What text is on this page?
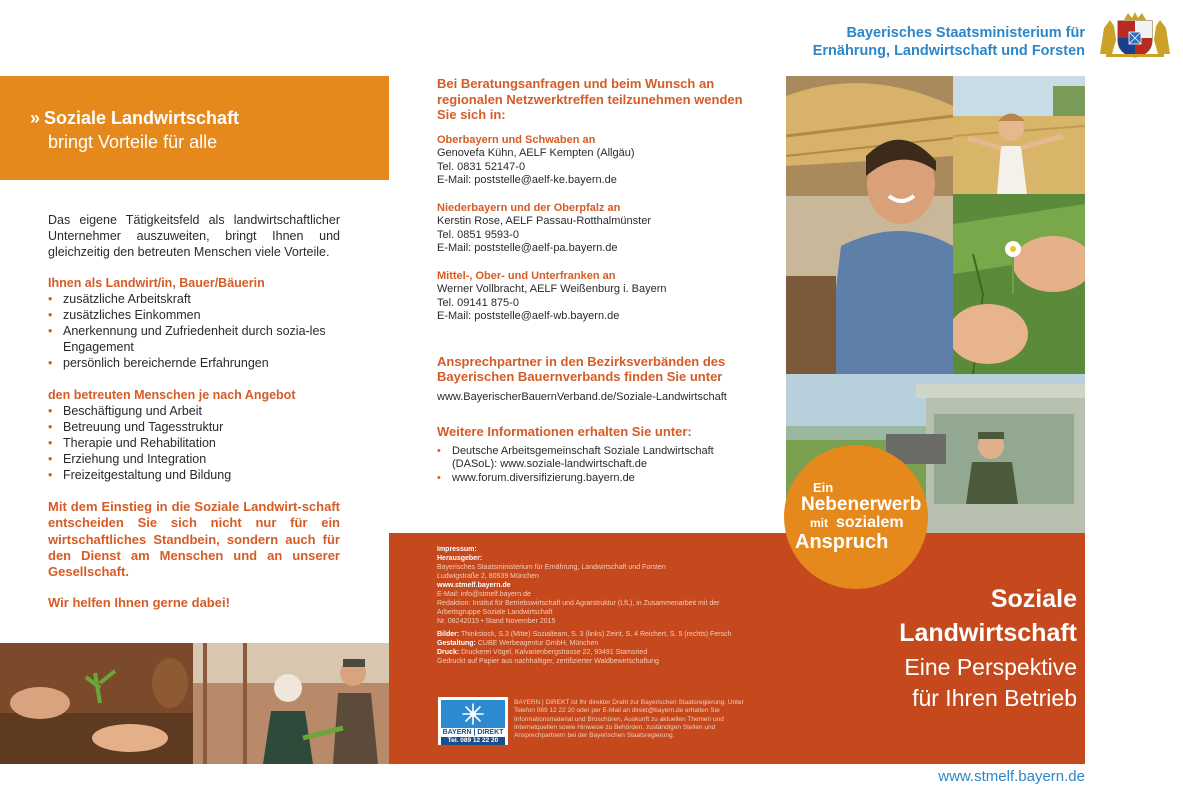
Bayerisches Staatsministerium für
Ernährung, Landwirtschaft und Forsten
» Soziale Landwirtschaft
bringt Vorteile für alle

Das eigene Tätigkeitsfeld als landwirtschaftlicher Unternehmer auszuweiten, bringt Ihnen und gleichzeitig den betreuten Menschen viele Vorteile.

Ihnen als Landwirt/in, Bauer/Bäuerin
• zusätzliche Arbeitskraft
• zusätzliches Einkommen
• Anerkennung und Zufriedenheit durch sozia-les Engagement
• persönlich bereichernde Erfahrungen
den betreuten Menschen je nach Angebot
• Beschäftigung und Arbeit
• Betreuung und Tagesstruktur
• Therapie und Rehabilitation
• Erziehung und Integration
• Freizeitgestaltung und Bildung

Mit dem Einstieg in die Soziale Landwirt-schaft entscheiden Sie sich nicht nur für ein wirtschaftliches Standbein, sondern auch für den Dienst am Menschen und an unserer Gesellschaft.

Wir helfen Ihnen gerne dabei!

Bei Beratungsanfragen und beim Wunsch an regionalen Netzwerktreffen teilzunehmen wenden Sie sich in:
Oberbayern und Schwaben an

Genovefa Kühn, AELF Kempten (Allgäu)

Tel. 0831 52147-0

E-Mail: poststelle@aelf-ke.bayern.de

Niederbayern und der Oberpfalz an

Kerstin Rose, AELF Passau-Rotthalmünster

Tel. 0851 9593-0

E-Mail: poststelle@aelf-pa.bayern.de

Mittel-, Ober- und Unterfranken an

Werner Vollbracht, AELF Weißenburg i. Bayern

Tel. 09141 875-0

E-Mail: poststelle@aelf-wb.bayern.de

Ansprechpartner in den Bezirksverbänden des Bayerischen Bauernverbands finden Sie unter

www.BayerischerBauernVerband.de/Soziale-Landwirtschaft

Weitere Informationen erhalten Sie unter:
• Deutsche Arbeitsgemeinschaft Soziale Landwirtschaft (DASoL): www.soziale-landwirtschaft.de
• www.forum.diversifizierung.bayern.de

Impressum:

Herausgeber:

Bayerisches Staatsministerium für Ernährung, Landwirtschaft und Forsten

Ludwigstraße 2, 80539 München

www.stmelf.bayern.de

E-Mail: info@stmelf.bayern.de

Redaktion: Institut für Betriebswirtschaft und Agrarstruktur (LfL), in Zusammenarbeit mit der Arbeitsgruppe Soziale Landwirtschaft

Nr. 08242015 • Stand November 2015

Bilder: Thinkstock, S.3 (Mitte) Sozialteam, S. 3 (links) Zeint, S. 4 Reichert, S. 5 (rechts) Fersch

Gestaltung: CUBE Werbeagentur GmbH, München

Druck: Druckerei Vögel, Kalvarienbergstrasse 22, 93491 Stamsried

Gedruckt auf Papier aus nachhaltiger, zertifizierter Waldbewirtschaftung

BAYERN | DIREKT
Tel. 089 12 22 20
BAYERN | DIREKT ist Ihr direkter Draht zur Bayerischen Staatsregierung. Unter Telefon 089 12 22 20 oder per E-Mail an direkt@bayern.de erhalten Sie Informationsmaterial und Broschüren, Auskunft zu aktuellen Themen und Internetquellen sowie Hinweise zu Behörden, zuständigen Stellen und Ansprechpartnern bei der Bayerischen Staatsregierung.
Ein
Nebenerwerb
mit sozialem
Anspruch
Soziale
Landwirtschaft
Eine Perspektive
für Ihren Betrieb
www.stmelf.bayern.de
